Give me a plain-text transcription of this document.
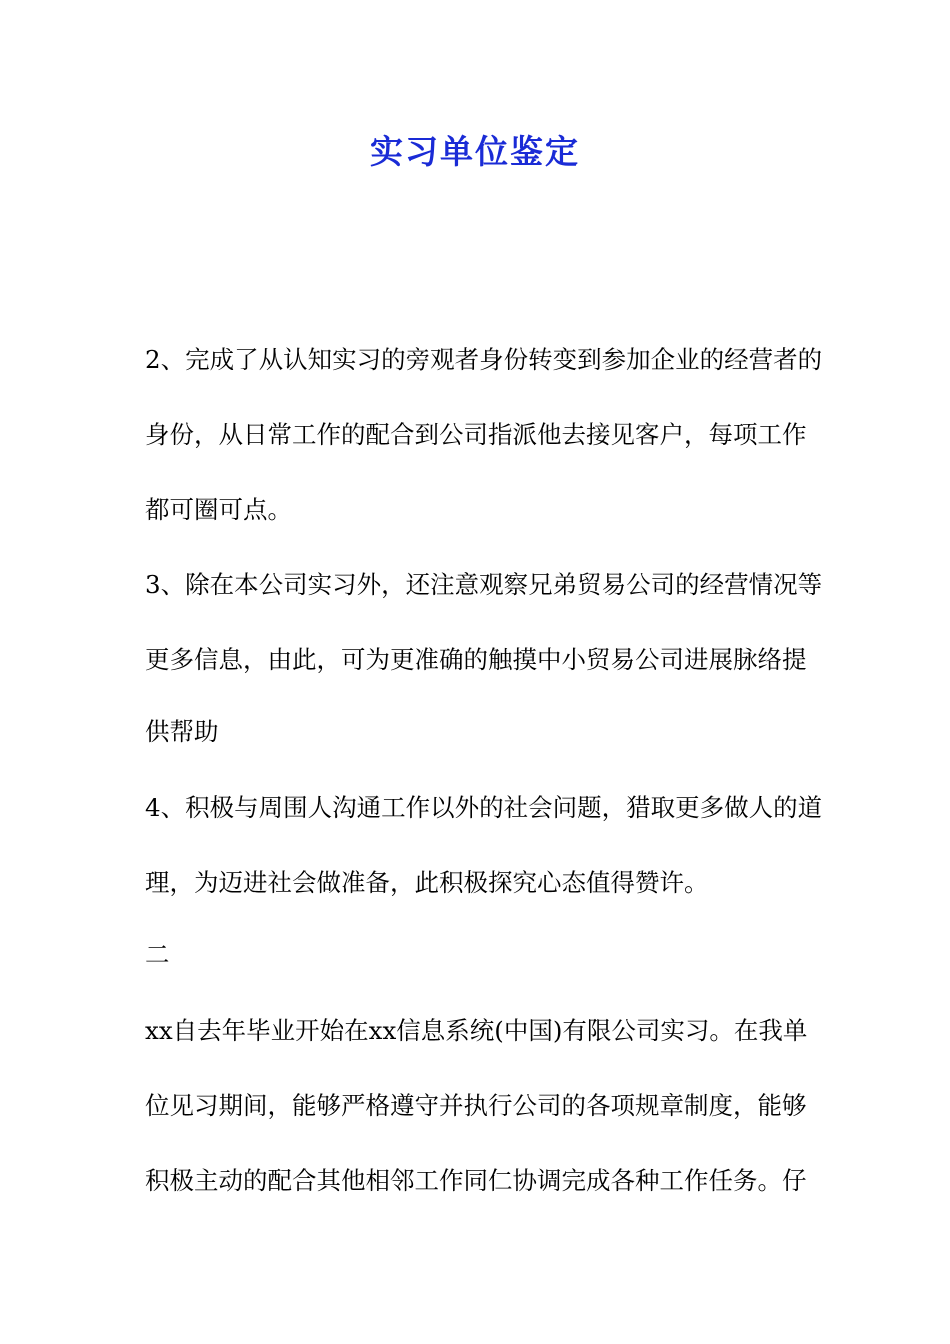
实习单位鉴定
2、完成了从认知实习的旁观者身份转变到参加企业的经营者的
身份，从日常工作的配合到公司指派他去接见客户，每项工作
都可圈可点。
3、除在本公司实习外，还注意观察兄弟贸易公司的经营情况等
更多信息，由此，可为更准确的触摸中小贸易公司进展脉络提
供帮助
4、积极与周围人沟通工作以外的社会问题，猎取更多做人的道
理，为迈进社会做准备，此积极探究心态值得赞许。
二
xx自去年毕业开始在xx信息系统(中国)有限公司实习。在我单
位见习期间，能够严格遵守并执行公司的各项规章制度，能够
积极主动的配合其他相邻工作同仁协调完成各种工作任务。仔
